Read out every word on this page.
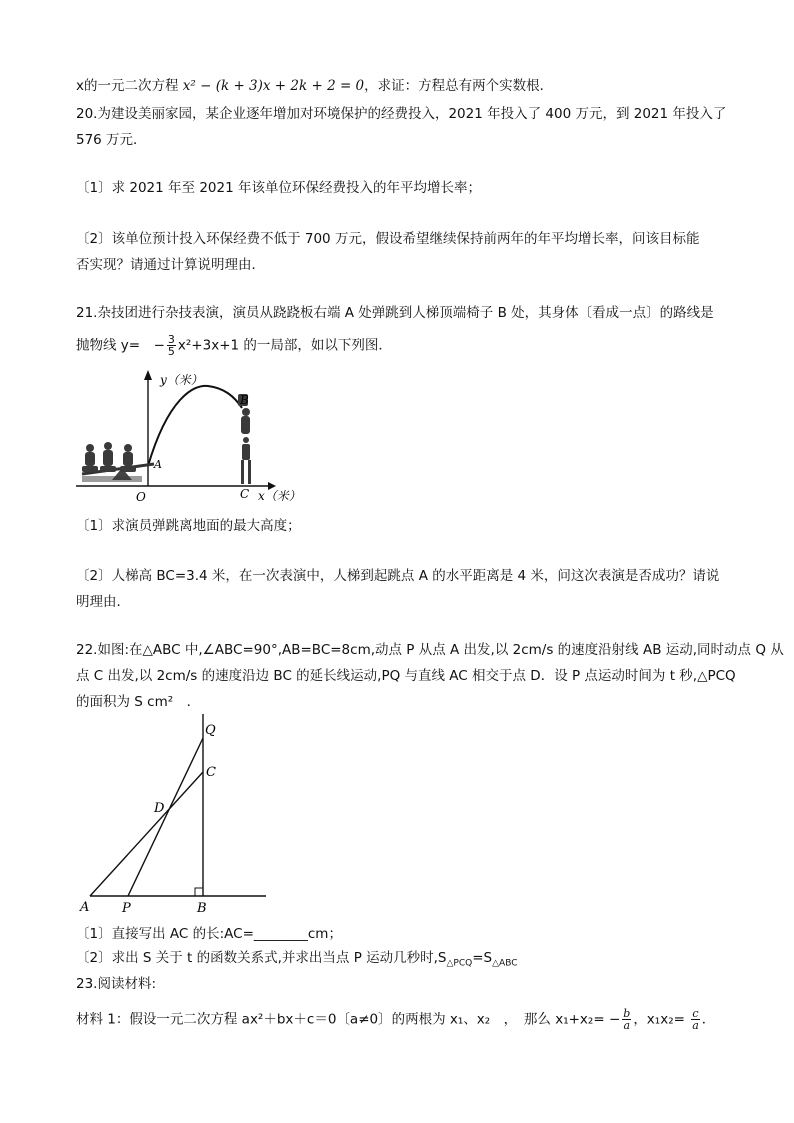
x的一元二次方程 x² − (k + 3)x + 2k + 2 = 0，求证：方程总有两个实数根．
20.为建设美丽家园，某企业逐年增加对环境保护的经费投入，2021 年投入了 400 万元，到 2021 年投入了
576 万元．
〔1〕求 2021 年至 2021 年该单位环保经费投入的年平均增长率；
〔2〕该单位预计投入环保经费不低于 700 万元，假设希望继续保持前两年的年平均增长率，问该目标能
否实现？请通过计算说明理由．
21.杂技团进行杂技表演，演员从跷跷板右端 A 处弹跳到人梯顶端椅子 B 处，其身体〔看成一点〕的路线是
抛物线 y=　− $\frac{3}{5} x^2+3x+1$ 的一局部，如以下列图．
B
A
y（米）
O	C x（米）
〔1〕求演员弹跳离地面的最大高度；
〔2〕人梯高 BC=3.4 米，在一次表演中，人梯到起跳点 A 的水平距离是 4 米，问这次表演是否成功？请说
明理由．
22.如图:在△ABC 中,∠ABC=90°,AB=BC=8cm,动点 P 从点 A 出发,以 2cm/s 的速度沿射线 AB 运动,同时动点 Q 从
点 C 出发,以 2cm/s 的速度沿边 BC 的延长线运动,PQ 与直线 AC 相交于点 D．设 P 点运动时间为 t 秒,△PCQ
的面积为 S cm²　．
Q
C
D
A	P	B
〔1〕直接写出 AC 的长:AC=________cm；
〔2〕求出 S 关于 t 的函数关系式,并求出当点 P 运动几秒时$,S_{\triangle PCQ}=S_{\triangle ABC}$
23.阅读材料:
材料 1：假设一元二次方程 ax²＋bx＋c＝0〔a≠0〕的两根为 x₁、x₂　，　那么 $x_1+x_2= - \frac{b}{a}$ ，$x_1x_2= \frac{c}{a}$ ．
